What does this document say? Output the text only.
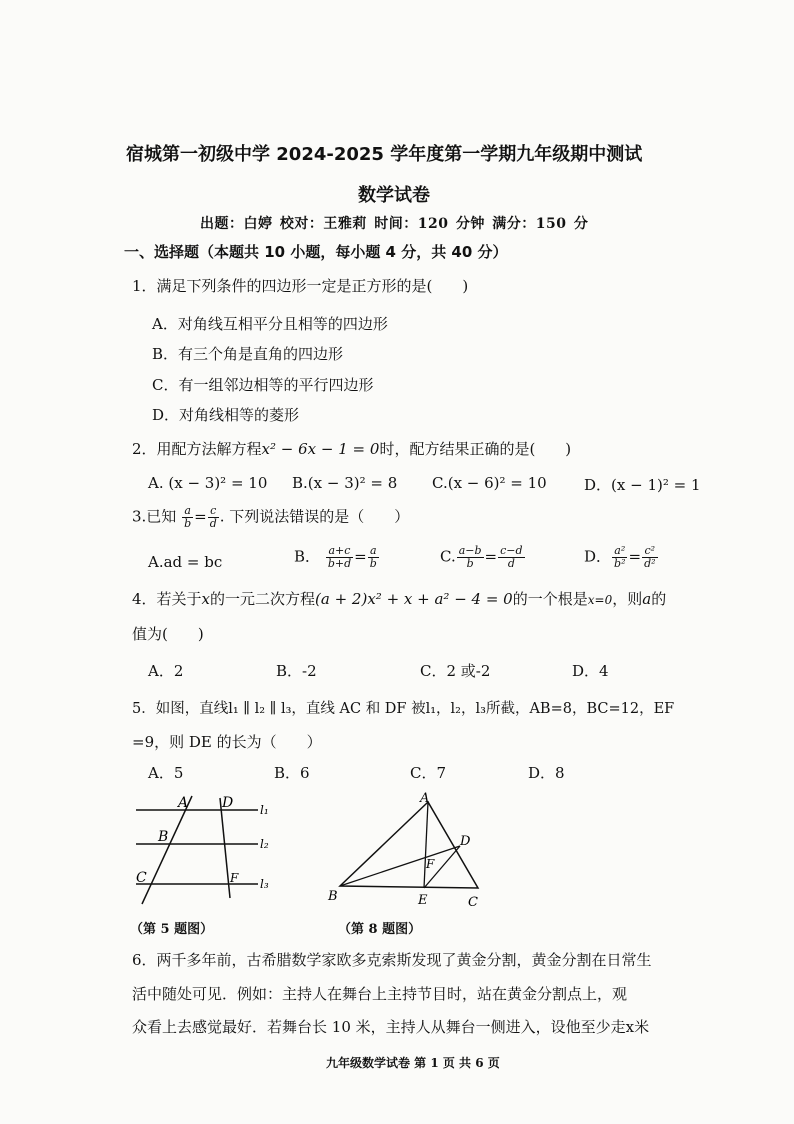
宿城第一初级中学 2024-2025 学年度第一学期九年级期中测试
数学试卷
出题：白婷 校对：王雅莉 时间：120 分钟 满分：150 分
一、选择题（本题共 10 小题，每小题 4 分，共 40 分）
1．满足下列条件的四边形一定是正方形的是(　　)
A．对角线互相平分且相等的四边形
B．有三个角是直角的四边形
C．有一组邻边相等的平行四边形
D．对角线相等的菱形
2．用配方法解方程x² − 6x − 1 = 0时，配方结果正确的是(　　)
A. (x − 3)² = 10 B.(x − 3)² = 8 C.(x − 6)² = 10 D．(x − 1)² = 1
3.已知 $\frac{a}{b} = \frac{c}{d}$ . 下列说法错误的是（　　）
A.ad = bc	B． $\frac{a+c}{b+d} = \frac{a}{b}$	C. $\frac{a-b}{b} = \frac{c-d}{d}$	D． $\frac{\text{a²}}{\text{b²}} = \frac{\text{c²}}{\text{d²}}$
4．若关于x的一元二次方程(a + 2)x² + x + a² − 4 = 0的一个根是x=0，则a的
值为(　　)
A．2	B．-2	C．2 或-2	D．4
5．如图，直线l₁ ∥ l₂ ∥ l₃，直线 AC 和 DF 被l₁，l₂，l₃所截，AB=8，BC=12，EF
=9，则 DE 的长为（　　）
A．5	B．6	C．7	D．8
A D
B
C	F
l₁
l₂
l₃
（第 5 题图）
A
B	C
D
E
F
（第 8 题图）
6．两千多年前，古希腊数学家欧多克索斯发现了黄金分割，黄金分割在日常生
活中随处可见．例如：主持人在舞台上主持节目时，站在黄金分割点上，观
众看上去感觉最好．若舞台长 10 米，主持人从舞台一侧进入，设他至少走x米
九年级数学试卷 第 1 页 共 6 页
